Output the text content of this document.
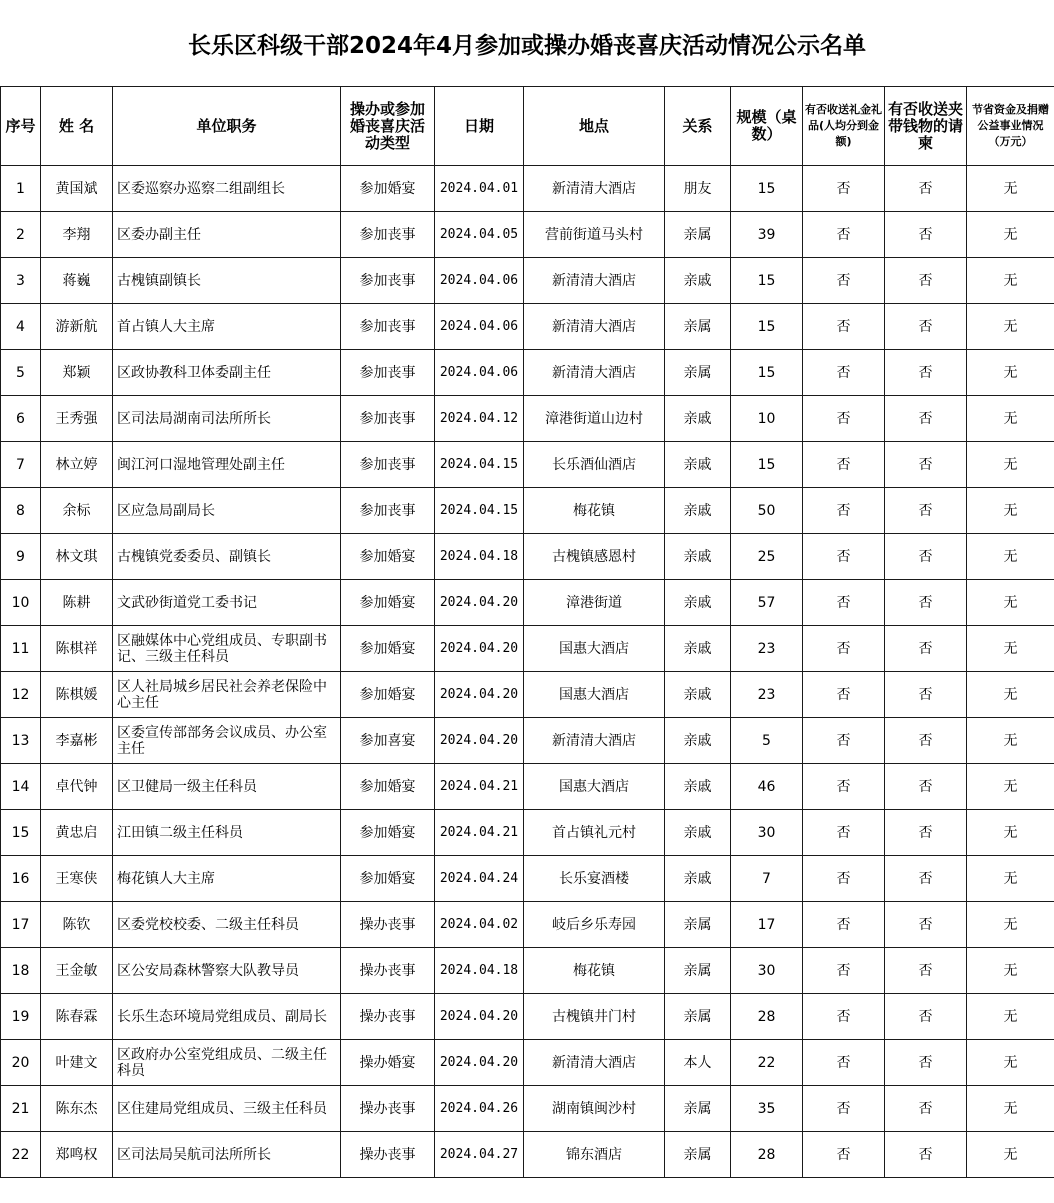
长乐区科级干部2024年4月参加或操办婚丧喜庆活动情况公示名单
序号	姓 名	单位职务	操办或参加婚丧喜庆活动类型	日期	地点	关系	规模（桌数）	有否收送礼金礼品(人均分到金额)	有否收送夹带钱物的请柬	节省资金及捐赠公益事业情况（万元）
1	黄国斌	区委巡察办巡察二组副组长	参加婚宴	2024.04.01	新清清大酒店	朋友	15	否	否	无
2	李翔	区委办副主任	参加丧事	2024.04.05	营前街道马头村	亲属	39	否	否	无
3	蒋巍	古槐镇副镇长	参加丧事	2024.04.06	新清清大酒店	亲戚	15	否	否	无
4	游新航	首占镇人大主席	参加丧事	2024.04.06	新清清大酒店	亲属	15	否	否	无
5	郑颖	区政协教科卫体委副主任	参加丧事	2024.04.06	新清清大酒店	亲属	15	否	否	无
6	王秀强	区司法局湖南司法所所长	参加丧事	2024.04.12	漳港街道山边村	亲戚	10	否	否	无
7	林立婷	闽江河口湿地管理处副主任	参加丧事	2024.04.15	长乐酒仙酒店	亲戚	15	否	否	无
8	余标	区应急局副局长	参加丧事	2024.04.15	梅花镇	亲戚	50	否	否	无
9	林文琪	古槐镇党委委员、副镇长	参加婚宴	2024.04.18	古槐镇感恩村	亲戚	25	否	否	无
10	陈耕	文武砂街道党工委书记	参加婚宴	2024.04.20	漳港街道	亲戚	57	否	否	无
11	陈棋祥	区融媒体中心党组成员、专职副书记、三级主任科员	参加婚宴	2024.04.20	国惠大酒店	亲戚	23	否	否	无
12	陈棋媛	区人社局城乡居民社会养老保险中心主任	参加婚宴	2024.04.20	国惠大酒店	亲戚	23	否	否	无
13	李嘉彬	区委宣传部部务会议成员、办公室主任	参加喜宴	2024.04.20	新清清大酒店	亲戚	5	否	否	无
14	卓代钟	区卫健局一级主任科员	参加婚宴	2024.04.21	国惠大酒店	亲戚	46	否	否	无
15	黄忠启	江田镇二级主任科员	参加婚宴	2024.04.21	首占镇礼元村	亲戚	30	否	否	无
16	王寒侠	梅花镇人大主席	参加婚宴	2024.04.24	长乐宴酒楼	亲戚	7	否	否	无
17	陈钦	区委党校校委、二级主任科员	操办丧事	2024.04.02	岐后乡乐寿园	亲属	17	否	否	无
18	王金敏	区公安局森林警察大队教导员	操办丧事	2024.04.18	梅花镇	亲属	30	否	否	无
19	陈春霖	长乐生态环境局党组成员、副局长	操办丧事	2024.04.20	古槐镇井门村	亲属	28	否	否	无
20	叶建文	区政府办公室党组成员、二级主任科员	操办婚宴	2024.04.20	新清清大酒店	本人	22	否	否	无
21	陈东杰	区住建局党组成员、三级主任科员	操办丧事	2024.04.26	湖南镇闽沙村	亲属	35	否	否	无
22	郑鸣权	区司法局吴航司法所所长	操办丧事	2024.04.27	锦东酒店	亲属	28	否	否	无
